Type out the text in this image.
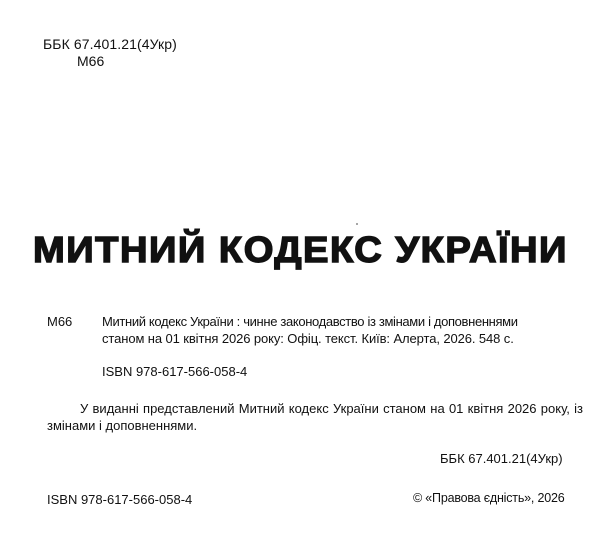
ББК 67.401.21(4Укр)
М66
МИТНИЙ КОДЕКС УКРАЇНИ
М66 Митний кодекс України : чинне законодавство із змінами і доповненнями
станом на 01 квітня 2026 року: Офіц. текст. Київ: Алерта, 2026. 548 с.
ISBN 978-617-566-058-4

У виданні представлений Митний кодекс України станом на 01 квітня 2026 року, із змінами і доповненнями.

ББК 67.401.21(4Укр)
ISBN 978-617-566-058-4	© «Правова єдність», 2026
